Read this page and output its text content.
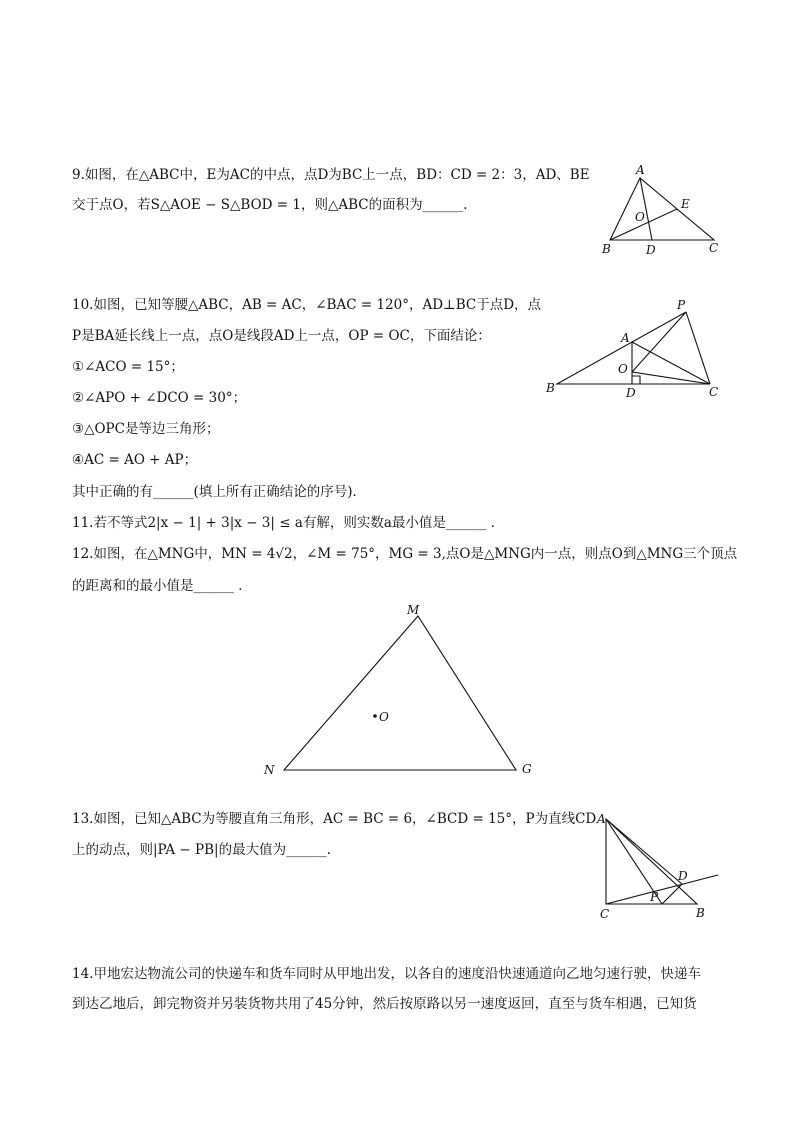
9.如图，在△ABC中，E为AC的中点，点D为BC上一点，BD：CD = 2：3，AD、BE
交于点O，若S△AOE − S△BOD = 1，则△ABC的面积为______.
A
B	C
D
E
O
10.如图，已知等腰△ABC，AB = AC，∠BAC = 120°，AD⊥BC于点D，点
P是BA延长线上一点，点O是线段AD上一点，OP = OC，下面结论：
①∠ACO = 15°；
②∠APO + ∠DCO = 30°；
③△OPC是等边三角形；
④AC = AO + AP；
其中正确的有______(填上所有正确结论的序号)．
P
A
O
B	D	C
11.若不等式2|x − 1| + 3|x − 3| ≤ a有解，则实数a最小值是______ ．
12.如图，在△MNG中，MN = 4√2，∠M = 75°，MG = 3,点O是△MNG内一点，则点O到△MNG三个顶点
的距离和的最小值是______ ．
M
N	G
O
13.如图，已知△ABC为等腰直角三角形，AC = BC = 6，∠BCD = 15°，P为直线CD
上的动点，则|PA − PB|的最大值为______.
A
C	B
D
P
14.甲地宏达物流公司的快递车和货车同时从甲地出发，以各自的速度沿快速通道向乙地匀速行驶，快递车
到达乙地后，卸完物资并另装货物共用了45分钟，然后按原路以另一速度返回，直至与货车相遇，已知货
